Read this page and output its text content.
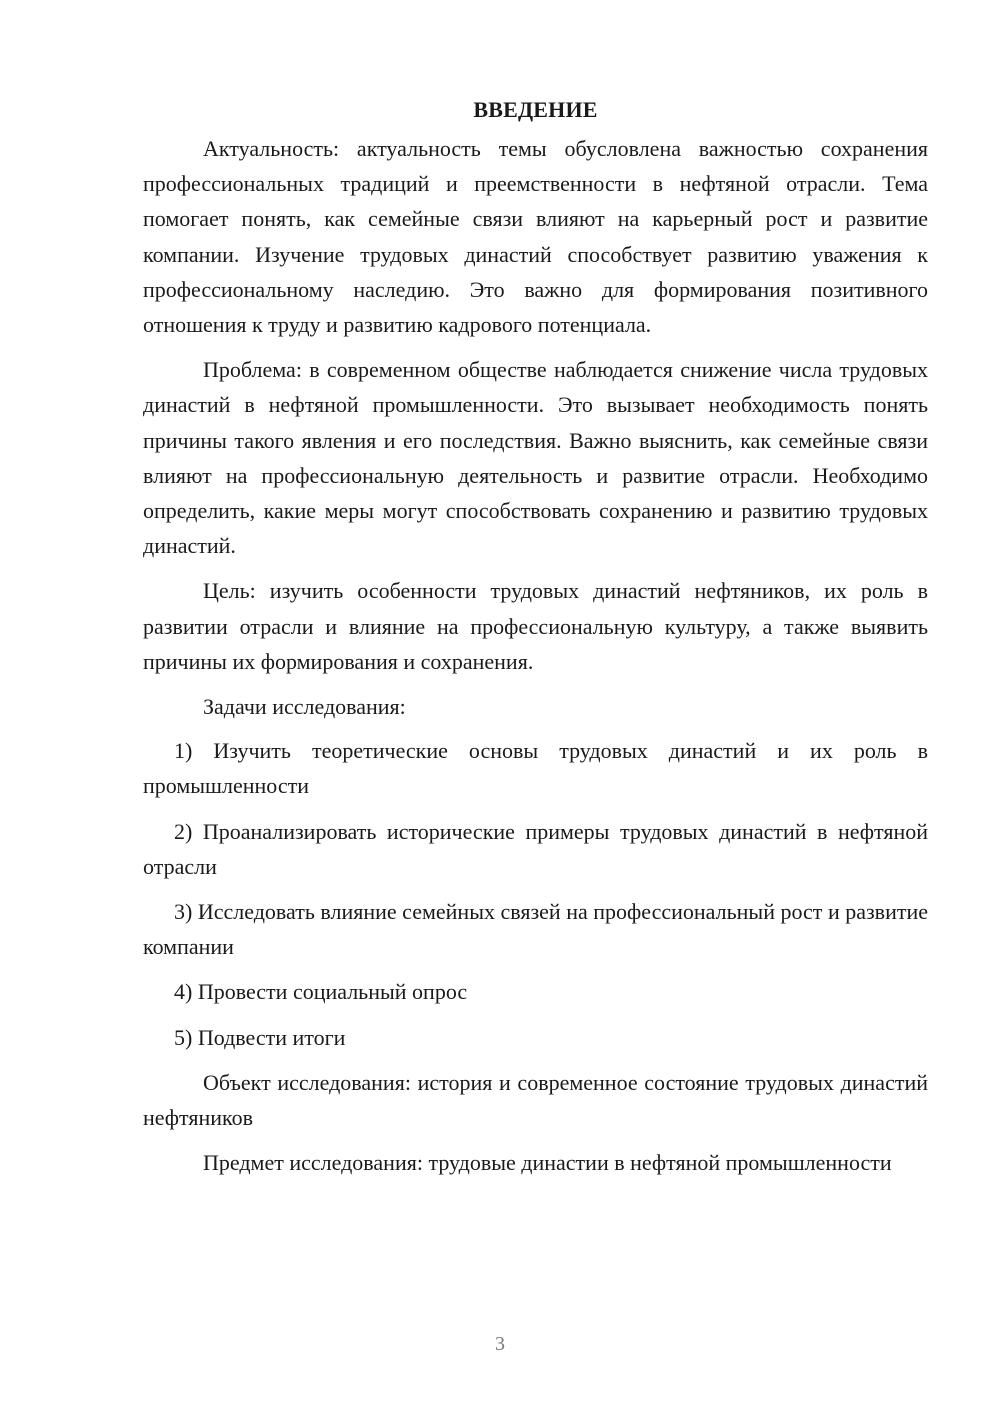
ВВЕДЕНИЕ

Актуальность: актуальность темы обусловлена важностью сохранения профессиональных традиций и преемственности в нефтяной отрасли. Тема помогает понять, как семейные связи влияют на карьерный рост и развитие компании. Изучение трудовых династий способствует развитию уважения к профессиональному наследию. Это важно для формирования позитивного отношения к труду и развитию кадрового потенциала.

Проблема: в современном обществе наблюдается снижение числа трудовых династий в нефтяной промышленности. Это вызывает необходимость понять причины такого явления и его последствия. Важно выяснить, как семейные связи влияют на профессиональную деятельность и развитие отрасли. Необходимо определить, какие меры могут способствовать сохранению и развитию трудовых династий.

Цель: изучить особенности трудовых династий нефтяников, их роль в развитии отрасли и влияние на профессиональную культуру, а также выявить причины их формирования и сохранения.

Задачи исследования:

1) Изучить теоретические основы трудовых династий и их роль в промышленности

2) Проанализировать исторические примеры трудовых династий в нефтяной отрасли

3) Исследовать влияние семейных связей на профессиональный рост и развитие компании

4) Провести социальный опрос

5) Подвести итоги

Объект исследования: история и современное состояние трудовых династий нефтяников

Предмет исследования: трудовые династии в нефтяной промышленности

3
